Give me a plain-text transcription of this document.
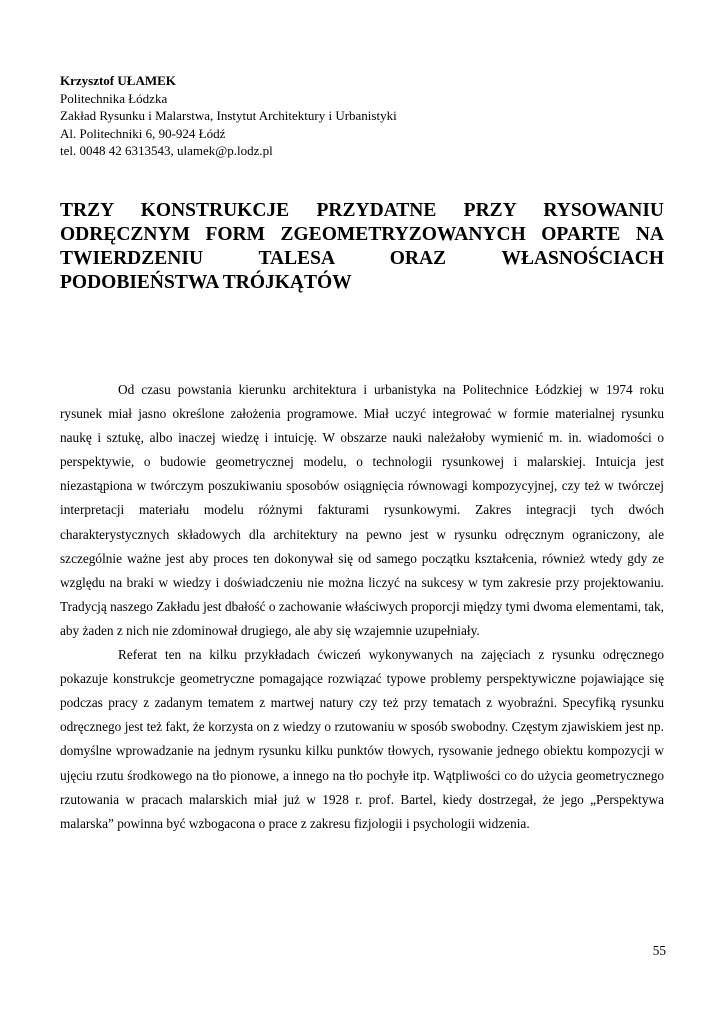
Krzysztof UŁAMEK
Politechnika Łódzka
Zakład Rysunku i Malarstwa, Instytut Architektury i Urbanistyki
Al. Politechniki 6, 90-924 Łódź
tel. 0048 42 6313543, ulamek@p.lodz.pl
TRZY KONSTRUKCJE PRZYDATNE PRZY RYSOWANIU
ODRĘCZNYM FORM ZGEOMETRYZOWANYCH OPARTE NA
TWIERDZENIU TALESA ORAZ WŁASNOŚCIACH
PODOBIEŃSTWA TRÓJKĄTÓW

Od czasu powstania kierunku architektura i urbanistyka na Politechnice Łódzkiej w 1974 roku rysunek miał jasno określone założenia programowe. Miał uczyć integrować w formie materialnej rysunku naukę i sztukę, albo inaczej wiedzę i intuicję. W obszarze nauki należałoby wymienić m. in. wiadomości o perspektywie, o budowie geometrycznej modelu, o technologii rysunkowej i malarskiej. Intuicja jest niezastąpiona w twórczym poszukiwaniu sposobów osiągnięcia równowagi kompozycyjnej, czy też w twórczej interpretacji materiału modelu różnymi fakturami rysunkowymi. Zakres integracji tych dwóch charakterystycznych składowych dla architektury na pewno jest w rysunku odręcznym ograniczony, ale szczególnie ważne jest aby proces ten dokonywał się od samego początku kształcenia, również wtedy gdy ze względu na braki w wiedzy i doświadczeniu nie można liczyć na sukcesy w tym zakresie przy projektowaniu. Tradycją naszego Zakładu jest dbałość o zachowanie właściwych proporcji między tymi dwoma elementami, tak, aby żaden z nich nie zdominował drugiego, ale aby się wzajemnie uzupełniały.

Referat ten na kilku przykładach ćwiczeń wykonywanych na zajęciach z rysunku odręcznego pokazuje konstrukcje geometryczne pomagające rozwiązać typowe problemy perspektywiczne pojawiające się podczas pracy z zadanym tematem z martwej natury czy też przy tematach z wyobraźni. Specyfiką rysunku odręcznego jest też fakt, że korzysta on z wiedzy o rzutowaniu w sposób swobodny. Częstym zjawiskiem jest np. domyślne wprowadzanie na jednym rysunku kilku punktów tłowych, rysowanie jednego obiektu kompozycji w ujęciu rzutu środkowego na tło pionowe, a innego na tło pochyłe itp. Wątpliwości co do użycia geometrycznego rzutowania w pracach malarskich miał już w 1928 r. prof. Bartel, kiedy dostrzegał, że jego „Perspektywa malarska” powinna być wzbogacona o prace z zakresu fizjologii i psychologii widzenia.

55
